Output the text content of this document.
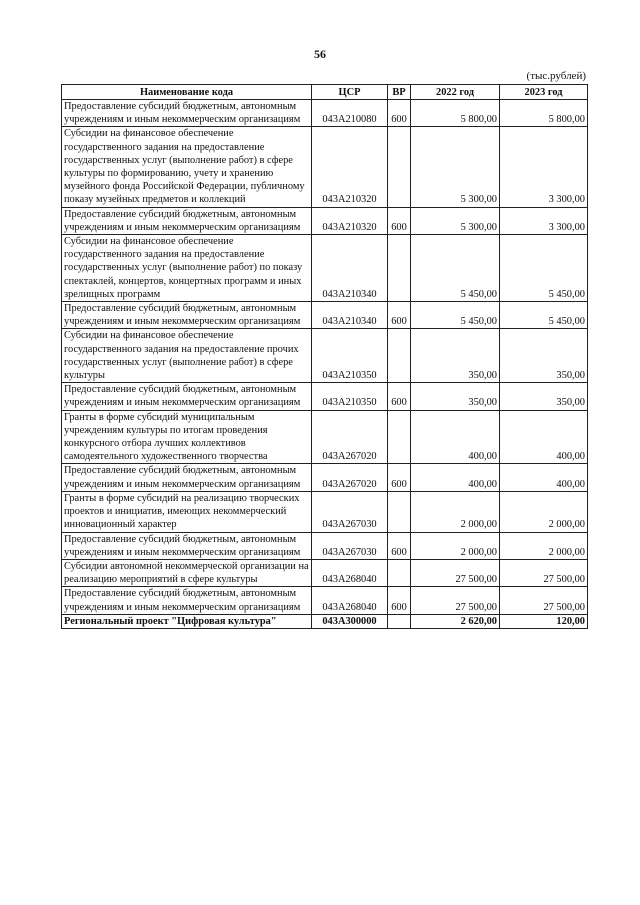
56
(тыс.рублей)
Наименование кода	ЦСР	ВР	2022 год	2023 год
Предоставление субсидий бюджетным, автономным учреждениям и иным некоммерческим организациям	043A210080	600	5 800,00	5 800,00
Субсидии на финансовое обеспечение государственного задания на предоставление государственных услуг (выполнение работ) в сфере культуры по формированию, учету и хранению музейного фонда Российской Федерации, публичному показу музейных предметов и коллекций	043A210320		5 300,00	3 300,00
Предоставление субсидий бюджетным, автономным учреждениям и иным некоммерческим организациям	043A210320	600	5 300,00	3 300,00
Субсидии на финансовое обеспечение государственного задания на предоставление государственных услуг (выполнение работ) по показу спектаклей, концертов, концертных программ и иных зрелищных программ	043A210340		5 450,00	5 450,00
Предоставление субсидий бюджетным, автономным учреждениям и иным некоммерческим организациям	043A210340	600	5 450,00	5 450,00
Субсидии на финансовое обеспечение государственного задания на предоставление прочих государственных услуг (выполнение работ) в сфере культуры	043A210350		350,00	350,00
Предоставление субсидий бюджетным, автономным учреждениям и иным некоммерческим организациям	043A210350	600	350,00	350,00
Гранты в форме субсидий муниципальным учреждениям культуры по итогам проведения конкурсного отбора лучших коллективов самодеятельного художественного творчества	043A267020		400,00	400,00
Предоставление субсидий бюджетным, автономным учреждениям и иным некоммерческим организациям	043A267020	600	400,00	400,00
Гранты в форме субсидий на реализацию творческих проектов и инициатив, имеющих некоммерческий инновационный характер	043A267030		2 000,00	2 000,00
Предоставление субсидий бюджетным, автономным учреждениям и иным некоммерческим организациям	043A267030	600	2 000,00	2 000,00
Субсидии автономной некоммерческой организации на реализацию мероприятий в сфере культуры	043A268040		27 500,00	27 500,00
Предоставление субсидий бюджетным, автономным учреждениям и иным некоммерческим организациям	043A268040	600	27 500,00	27 500,00
Региональный проект "Цифровая культура"	043A300000		2 620,00	120,00
